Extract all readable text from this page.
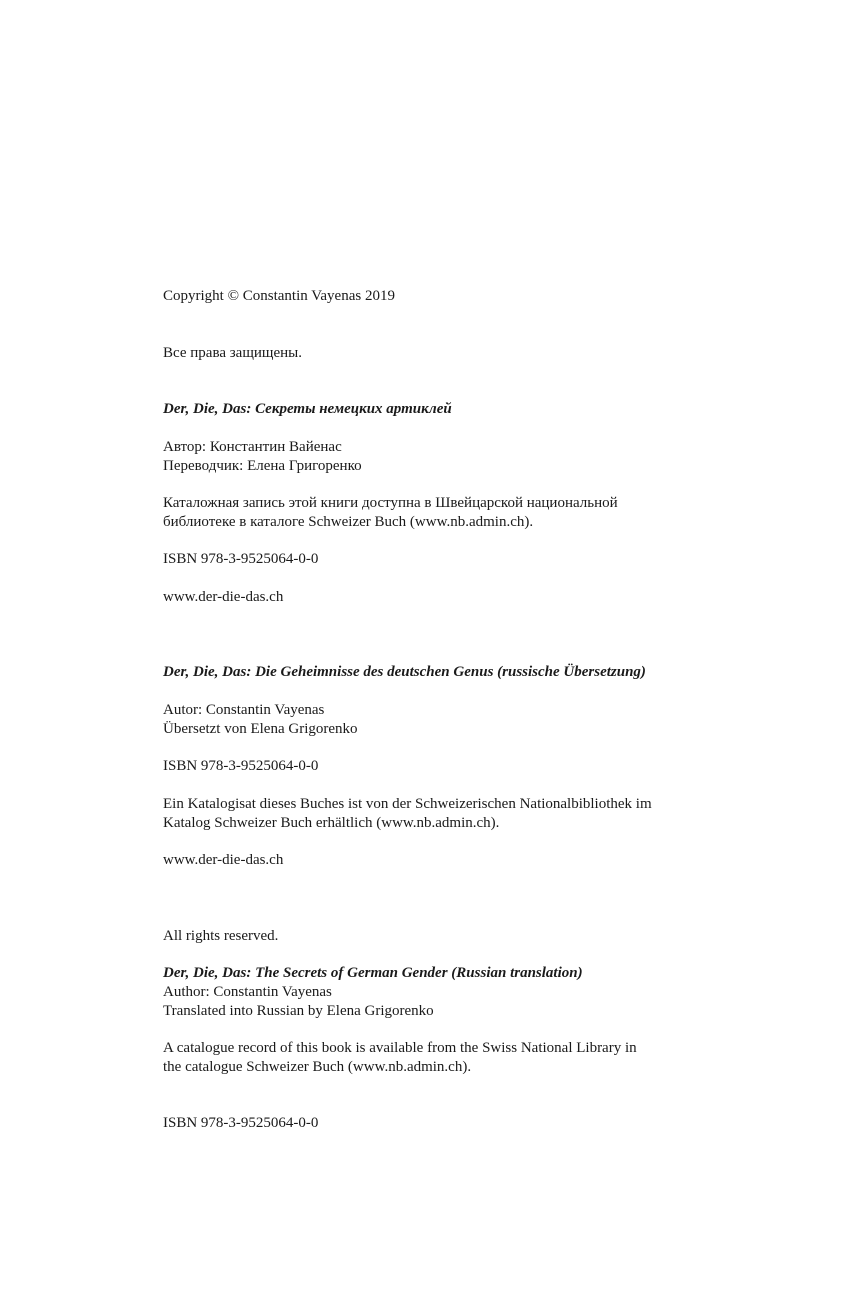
Copyright © Constantin Vayenas 2019
Все права защищены.
Der, Die, Das: Секреты немецких артиклей
Автор: Константин Вайенас
Переводчик: Елена Григоренко
Каталожная запись этой книги доступна в Швейцарской национальной
библиотеке в каталоге Schweizer Buch (www.nb.admin.ch).
ISBN 978-3-9525064-0-0
www.der-die-das.ch
Der, Die, Das: Die Geheimnisse des deutschen Genus (russische Übersetzung)
Autor: Constantin Vayenas
Übersetzt von Elena Grigorenko
ISBN 978-3-9525064-0-0
Ein Katalogisat dieses Buches ist von der Schweizerischen Nationalbibliothek im
Katalog Schweizer Buch erhältlich (www.nb.admin.ch).
www.der-die-das.ch
All rights reserved.
Der, Die, Das: The Secrets of German Gender (Russian translation)
Author: Constantin Vayenas
Translated into Russian by Elena Grigorenko
A catalogue record of this book is available from the Swiss National Library in
the catalogue Schweizer Buch (www.nb.admin.ch).
ISBN 978-3-9525064-0-0
